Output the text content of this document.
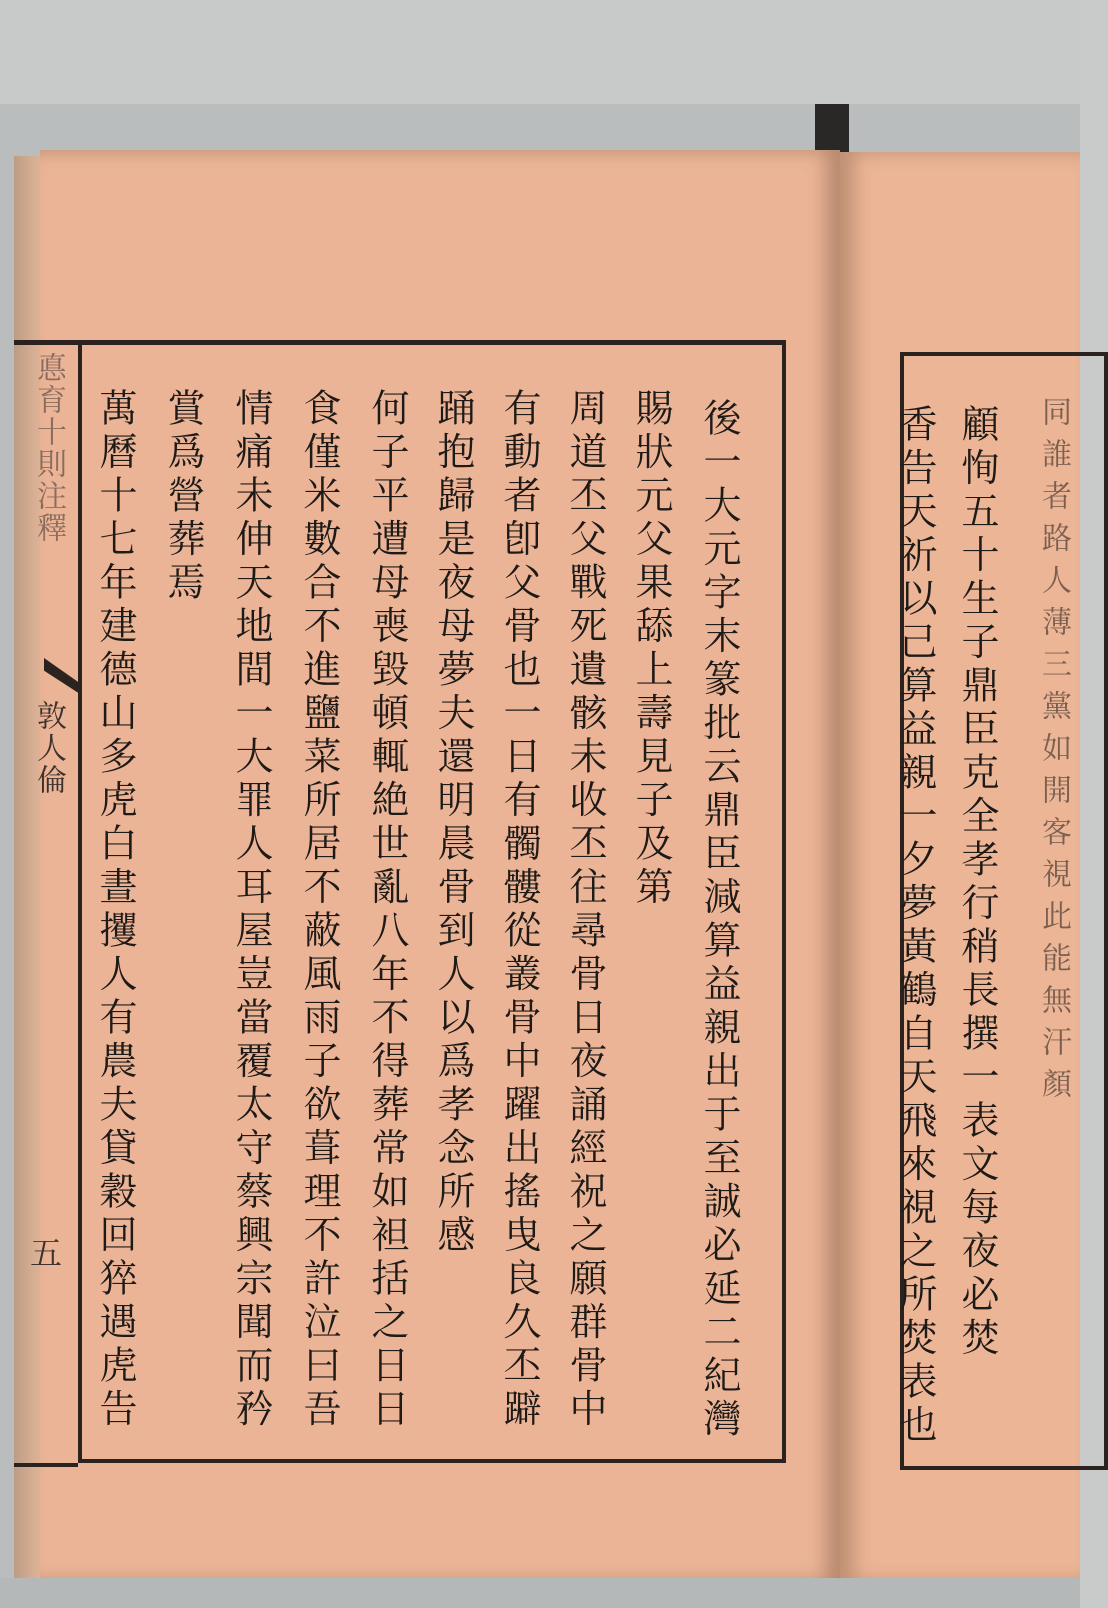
悳育十則注釋
敦人倫
五	後一大元字末篆批云鼎臣減算益親出于至誠必延二紀灣
賜狀元父果舔上壽見子及第
周道丕父戰死遺骸未收丕往尋骨日夜誦經祝之願群骨中
有動者卽父骨也一日有髑髏從叢骨中躍出搖曳良久丕躃
踊抱歸是夜母夢夫還明晨骨到人以爲孝念所感
何子平遭母喪毀頓輒絶世亂八年不得葬常如袒括之日日
食僅米數合不進鹽菜所居不蔽風雨子欲葺理不許泣曰吾
情痛未伸天地間一大罪人耳屋豈當覆太守蔡興宗聞而矜
賞爲營葬焉
萬曆十七年建德山多虎白晝攫人有農夫貸穀回猝遇虎告	同誰者路人薄三黨如開客視此能無汗顏
顧恂五十生子鼎臣克全孝行稍長撰一表文每夜必焚
香告天祈以己算益親一夕夢黃鶴自天飛來視之所焚表也
